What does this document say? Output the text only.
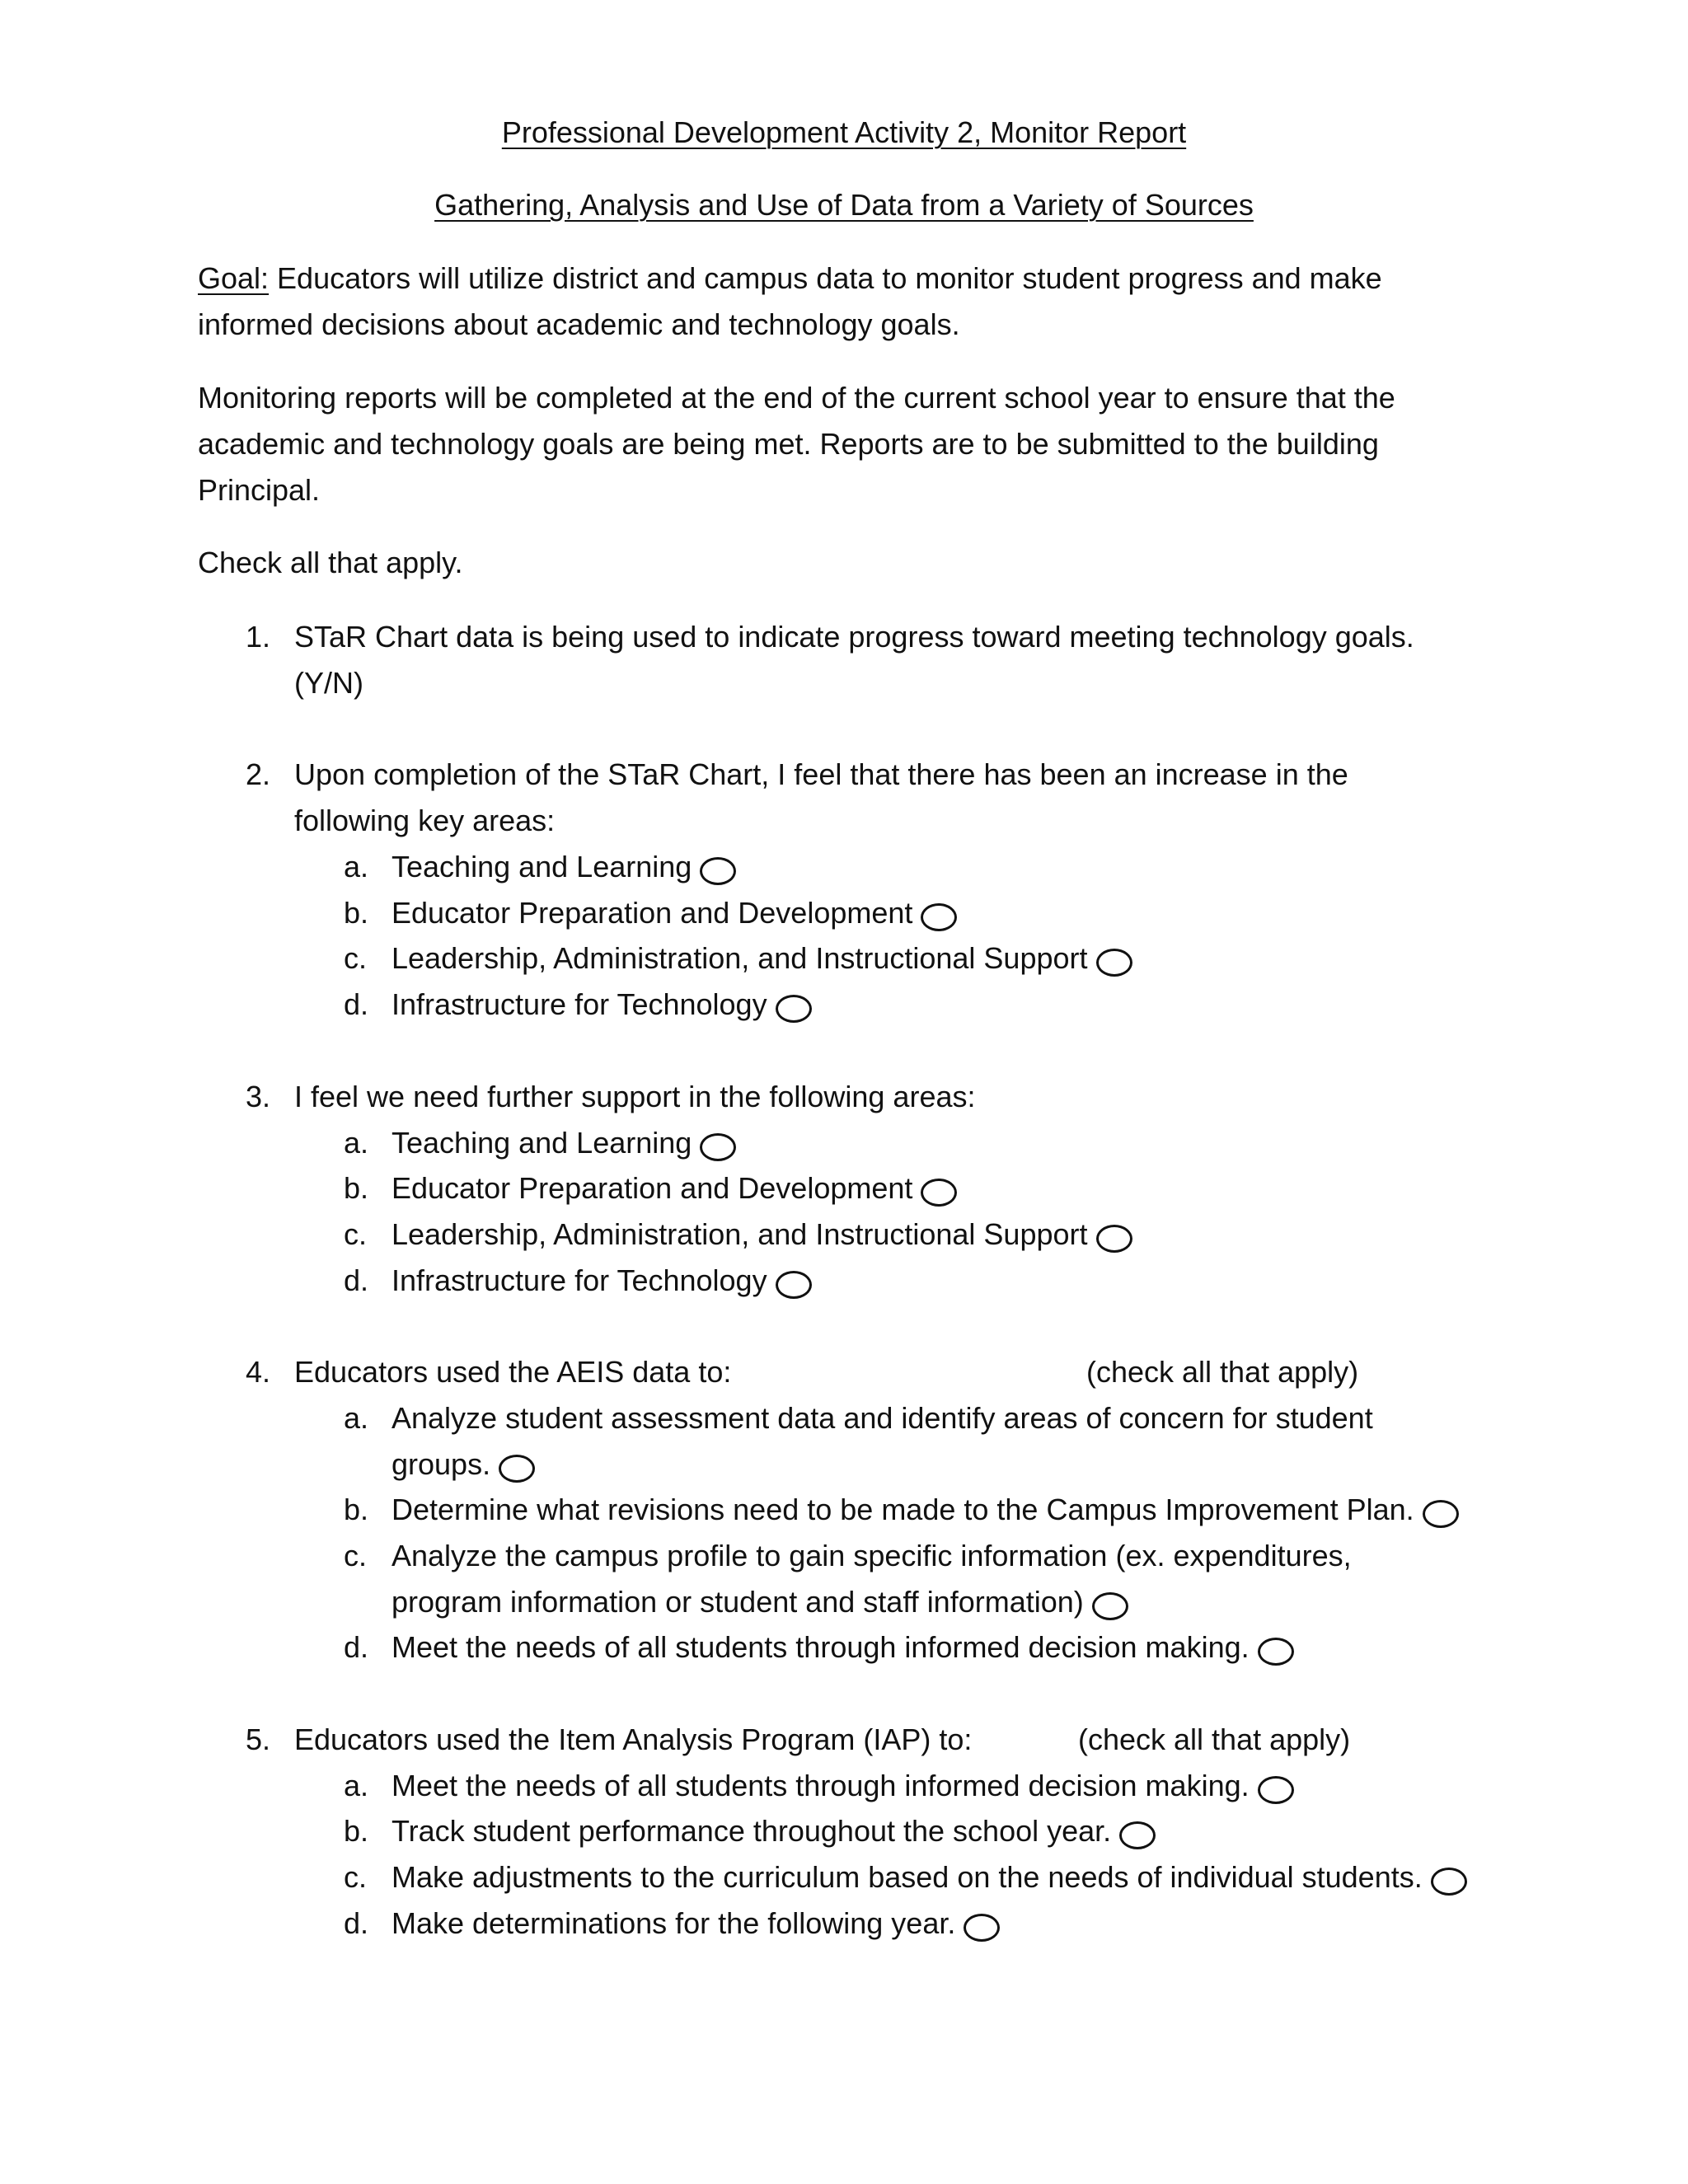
Professional Development Activity 2, Monitor Report
Gathering, Analysis and Use of Data from a Variety of Sources
Goal: Educators will utilize district and campus data to monitor student progress and make
informed decisions about academic and technology goals.
Monitoring reports will be completed at the end of the current school year to ensure that the
academic and technology goals are being met. Reports are to be submitted to the building
Principal.
Check all that apply.
1. STaR Chart data is being used to indicate progress toward meeting technology goals.
(Y/N)
2. Upon completion of the STaR Chart, I feel that there has been an increase in the
following key areas:
a. Teaching and Learning
b. Educator Preparation and Development
c. Leadership, Administration, and Instructional Support
d. Infrastructure for Technology
3. I feel we need further support in the following areas:
a. Teaching and Learning
b. Educator Preparation and Development
c. Leadership, Administration, and Instructional Support
d. Infrastructure for Technology
4. Educators used the AEIS data to:	(check all that apply)
a. Analyze student assessment data and identify areas of concern for student
groups.
b. Determine what revisions need to be made to the Campus Improvement Plan.
c. Analyze the campus profile to gain specific information (ex. expenditures,
program information or student and staff information)
d. Meet the needs of all students through informed decision making.
5. Educators used the Item Analysis Program (IAP) to:	(check all that apply)
a. Meet the needs of all students through informed decision making.
b. Track student performance throughout the school year.
c. Make adjustments to the curriculum based on the needs of individual students.
d. Make determinations for the following year.
